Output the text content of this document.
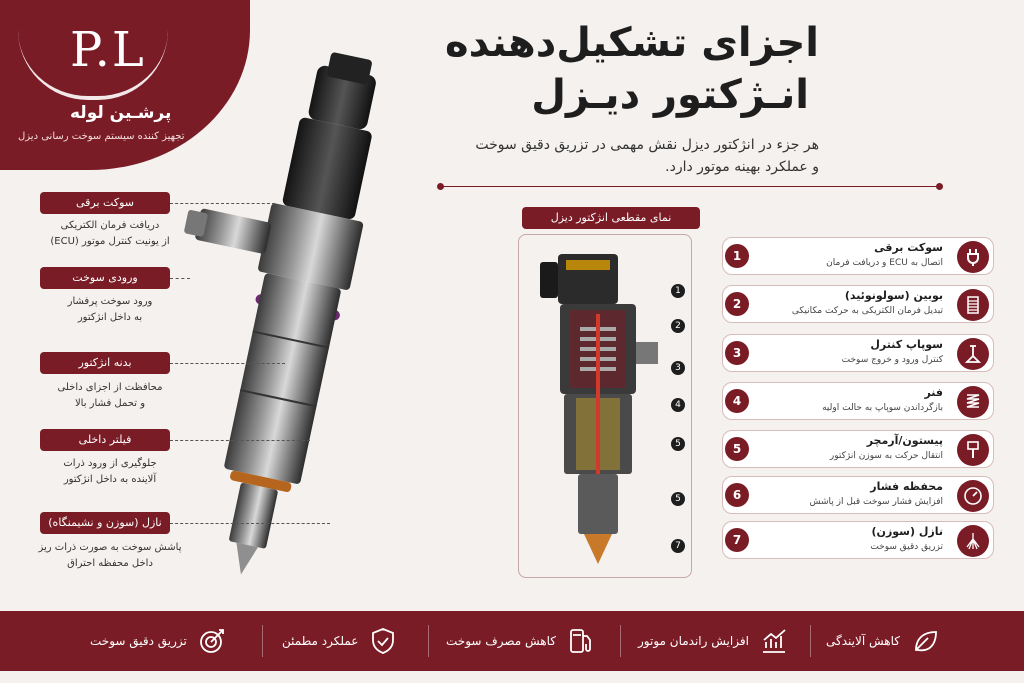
P.L
پرشـین لوله
تجهیز کننده سیستم سوخت رسانی دیزل
اجزای تشکیل‌دهنده
انـژکتور دیـزل
هر جزء در انژکتور دیزل نقش مهمی در تزریق دقیق سوخت
و عملکرد بهینه موتور دارد.
سوکت برقی
دریافت فرمان الکتریکی
از یونیت کنترل موتور (ECU)
ورودی سوخت
ورود سوخت پرفشار
به داخل انژکتور
بدنه انژکتور
محافظت از اجزای داخلی
و تحمل فشار بالا
فیلتر داخلی
جلوگیری از ورود ذرات
آلاینده به داخل انژکتور
نازل (سوزن و نشیمنگاه)
پاشش سوخت به صورت ذرات ریز
داخل محفظه احتراق
نمای مقطعی انژکتور دیزل
1
2
3
4
5
5
7
1
سوکت برقی
اتصال به ECU و دریافت فرمان
2
بوبین (سولونوئید)
تبدیل فرمان الکتریکی به حرکت مکانیکی
3
سوپاپ کنترل
کنترل ورود و خروج سوخت
4
فنر
بازگرداندن سوپاپ به حالت اولیه
5
پیستون/آرمچر
انتقال حرکت به سوزن انژکتور
6
محفظه فشار
افزایش فشار سوخت قبل از پاشش
7
نازل (سوزن)
تزریق دقیق سوخت
کاهش آلایندگی
افزایش راندمان موتور
کاهش مصرف سوخت
عملکرد مطمئن
تزریق دقیق سوخت
